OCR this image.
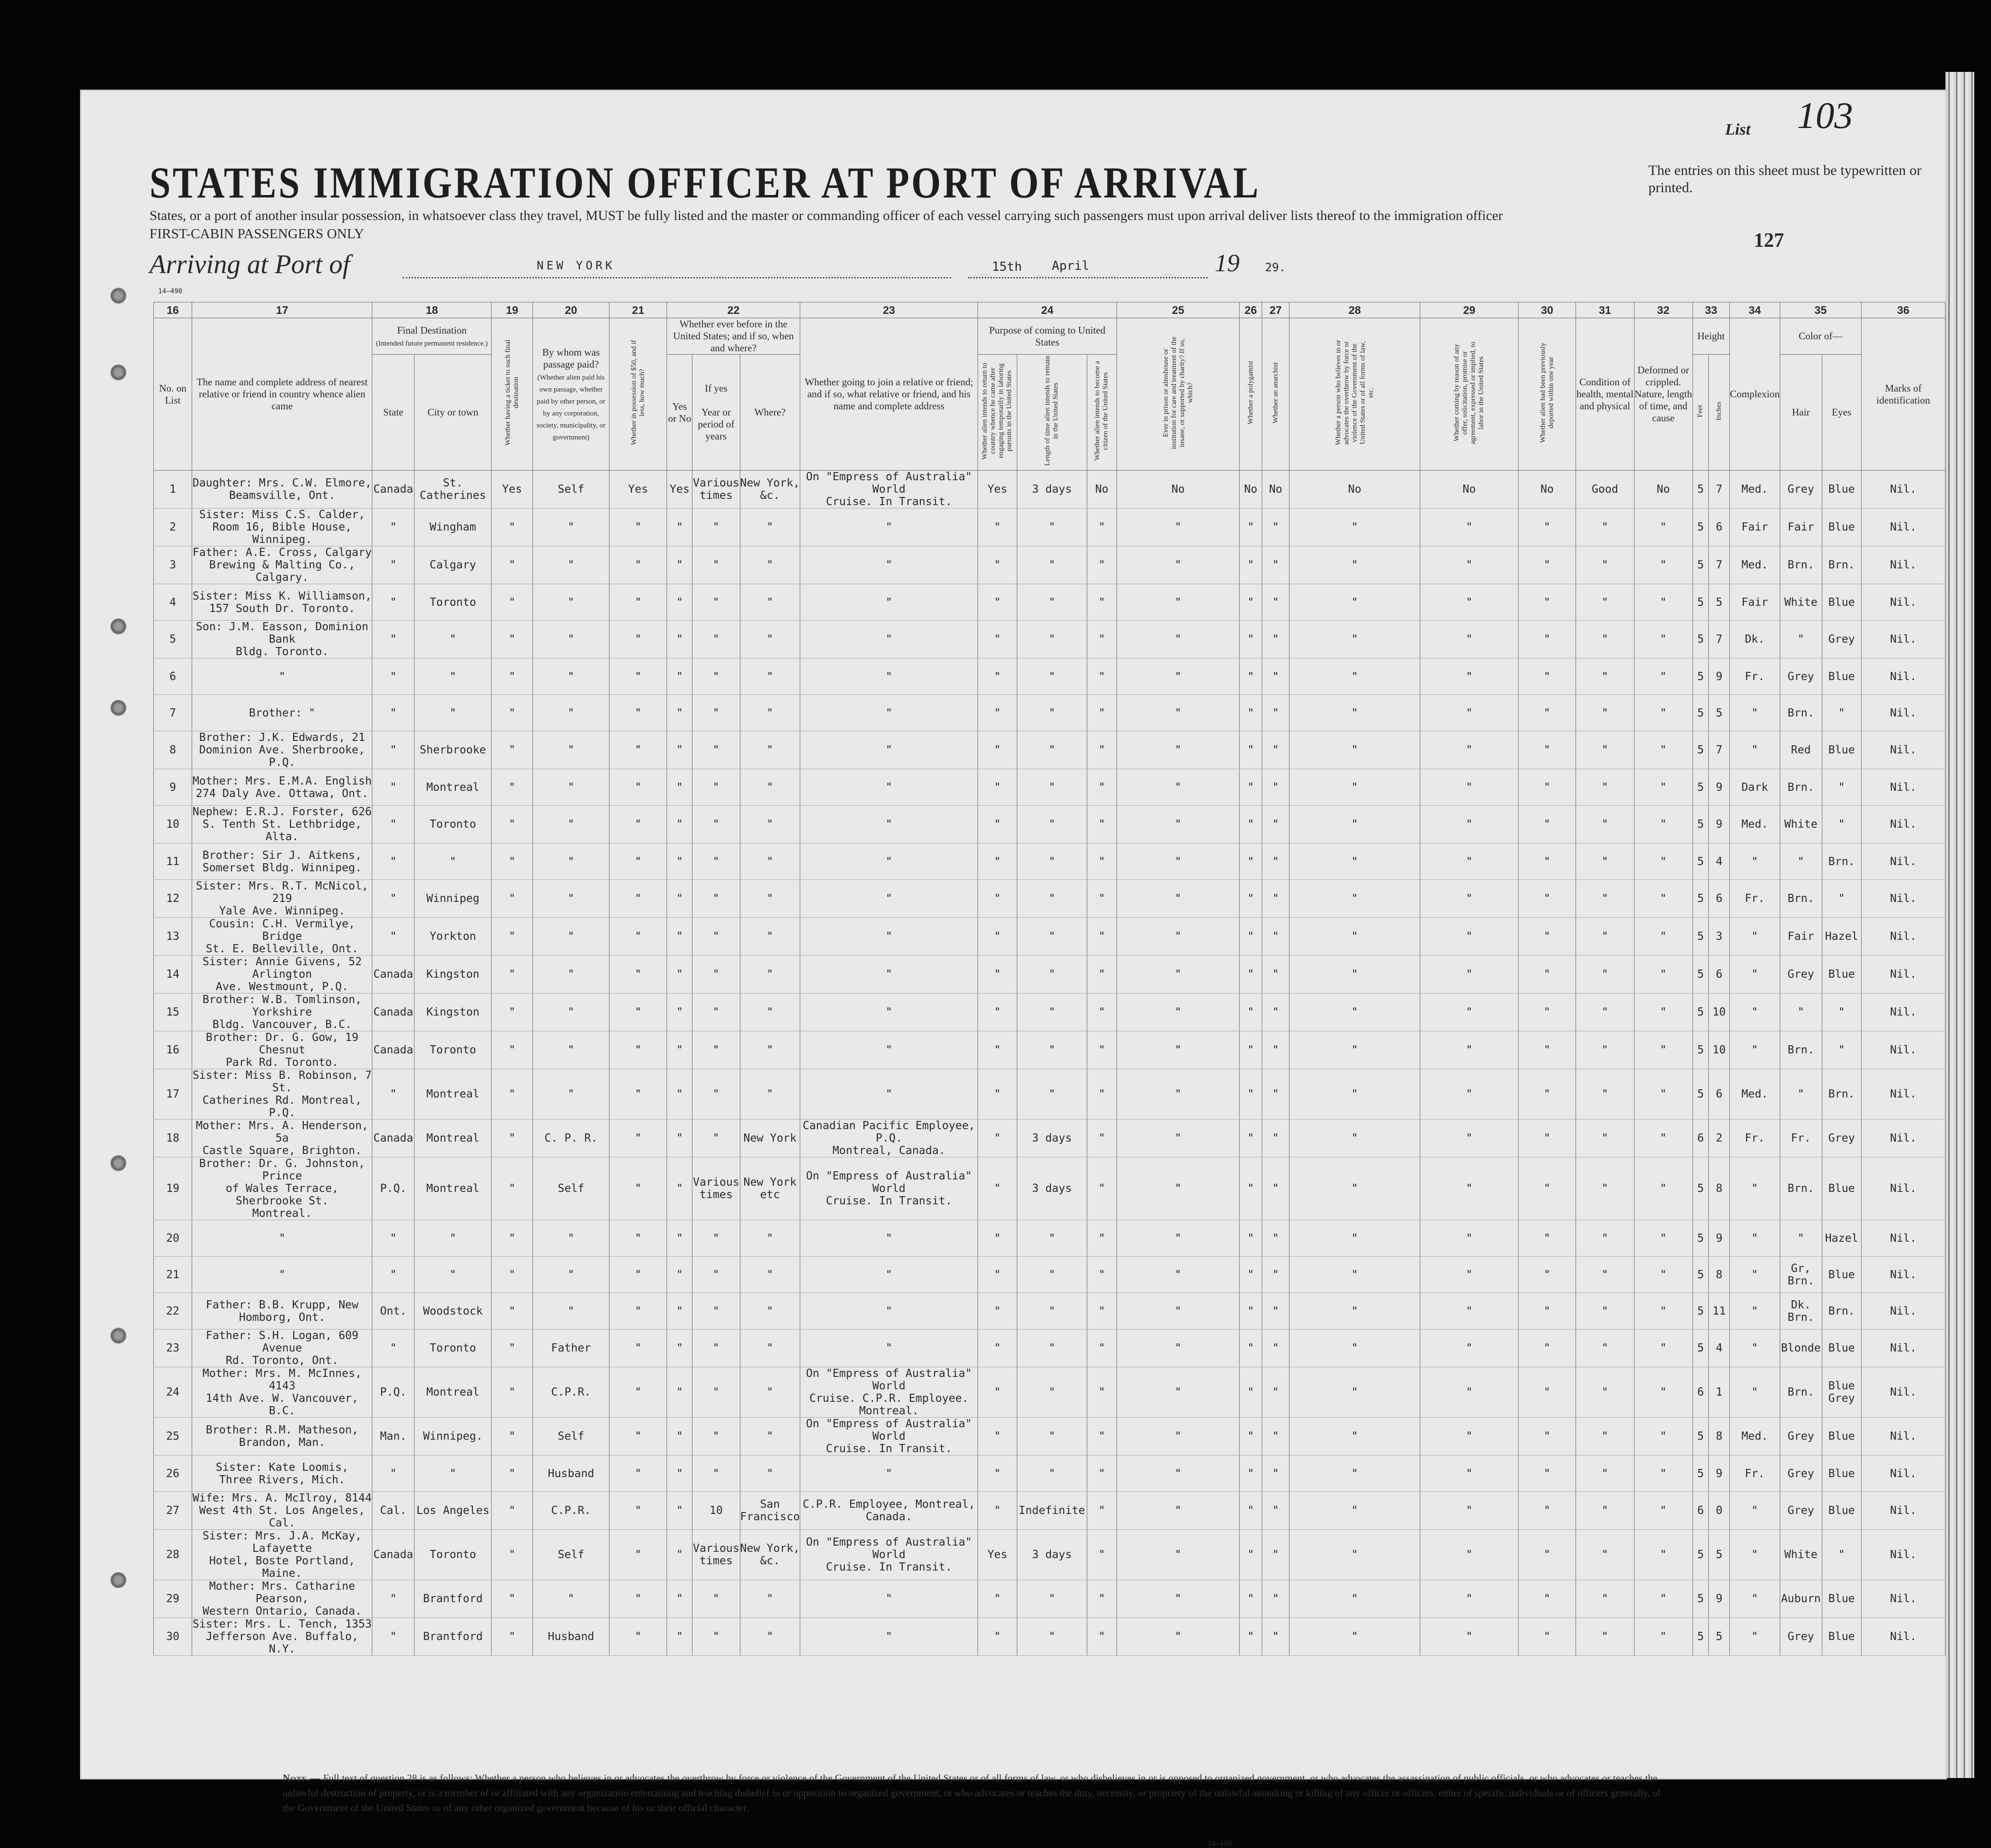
List 103
STATES IMMIGRATION OFFICER AT PORT OF ARRIVAL	The entries on this sheet must be typewritten or printed.
127
States, or a port of another insular possession, in whatsoever class they travel, MUST be fully listed and the master or commanding officer of each vessel carrying such passengers must upon arrival deliver lists thereof to the immigration officer
FIRST-CABIN PASSENGERS ONLY
Arriving at Port of	NEW YORK	15th April	19 29.
14—490
16	17	18		19	20	21	22			23	24			25	26	27	28	29	30	31	32	33		34	35		36
No. on List	The name and complete address of nearest relative or friend in country whence alien came	Final Destination
(Intended future permanent residence.)		Whether having a ticket to such final destination	By whom was passage paid?
(Whether alien paid his own passage, whether paid by other person, or by any corporation, society, municipality, or government)	Whether in possession of $50, and if less, how much?	Whether ever before in the United States; and if so, when and where?			Whether going to join a relative or friend; and if so, what relative or friend, and his name and complete address	Purpose of coming to United States			Ever in prison or almshouse or institution for care and treatment of the insane, or supported by charity? If so, which?	Whether a polygamist	Whether an anarchist	Whether a person who believes in or advocates the overthrow by force or violence of the Government of the United States or of all forms of law, etc.	Whether coming by reason of any offer, solicitation, promise or agreement, expressed or implied, to labor in the United States	Whether alien had been previously deported within one year	Condition of health, mental and physical	Deformed or crippled. Nature, length of time, and cause	Height		Complexion	Color of—		Marks of identification
		State	City or town				Yes or No	If yes

Year or period of years	Where?		Whether alien intends to return to country whence he came after engaging temporarily in laboring pursuits in the United States	Length of time alien intends to remain in the United States	Whether alien intends to become a citizen of the United States									Feet	Inches		Hair	Eyes	
1	Daughter: Mrs. C.W. Elmore,
Beamsville, Ont.	Canada	St. Catherines	Yes	Self	Yes	Yes	Various times	New York, &c.	On "Empress of Australia" World
Cruise. In Transit.	Yes	3 days	No	No	No	No	No	No	No	Good	No	5	7	Med.	Grey	Blue	Nil.
2	Sister: Miss C.S. Calder,
Room 16, Bible House, Winnipeg.	"	Wingham	"	"	"	"	"	"	"	"	"	"	"	"	"	"	"	"	"	"	5	6	Fair	Fair	Blue	Nil.
3	Father: A.E. Cross, Calgary
Brewing & Malting Co., Calgary.	"	Calgary	"	"	"	"	"	"	"	"	"	"	"	"	"	"	"	"	"	"	5	7	Med.	Brn.	Brn.	Nil.
4	Sister: Miss K. Williamson,
157 South Dr. Toronto.	"	Toronto	"	"	"	"	"	"	"	"	"	"	"	"	"	"	"	"	"	"	5	5	Fair	White	Blue	Nil.
5	Son: J.M. Easson, Dominion Bank
Bldg. Toronto.	"	"	"	"	"	"	"	"	"	"	"	"	"	"	"	"	"	"	"	"	5	7	Dk.	"	Grey	Nil.
6	"	"	"	"	"	"	"	"	"	"	"	"	"	"	"	"	"	"	"	"	"	5	9	Fr.	Grey	Blue	Nil.
7	Brother: "	"	"	"	"	"	"	"	"	"	"	"	"	"	"	"	"	"	"	"	"	5	5	"	Brn.	"	Nil.
8	Brother: J.K. Edwards, 21
Dominion Ave. Sherbrooke, P.Q.	"	Sherbrooke	"	"	"	"	"	"	"	"	"	"	"	"	"	"	"	"	"	"	5	7	"	Red	Blue	Nil.
9	Mother: Mrs. E.M.A. English
274 Daly Ave. Ottawa, Ont.	"	Montreal	"	"	"	"	"	"	"	"	"	"	"	"	"	"	"	"	"	"	5	9	Dark	Brn.	"	Nil.
10	Nephew: E.R.J. Forster, 626
S. Tenth St. Lethbridge, Alta.	"	Toronto	"	"	"	"	"	"	"	"	"	"	"	"	"	"	"	"	"	"	5	9	Med.	White	"	Nil.
11	Brother: Sir J. Aitkens,
Somerset Bldg. Winnipeg.	"	"	"	"	"	"	"	"	"	"	"	"	"	"	"	"	"	"	"	"	5	4	"	"	Brn.	Nil.
12	Sister: Mrs. R.T. McNicol, 219
Yale Ave. Winnipeg.	"	Winnipeg	"	"	"	"	"	"	"	"	"	"	"	"	"	"	"	"	"	"	5	6	Fr.	Brn.	"	Nil.
13	Cousin: C.H. Vermilye, Bridge
St. E. Belleville, Ont.	"	Yorkton	"	"	"	"	"	"	"	"	"	"	"	"	"	"	"	"	"	"	5	3	"	Fair	Hazel	Nil.
14	Sister: Annie Givens, 52 Arlington
Ave. Westmount, P.Q.	Canada	Kingston	"	"	"	"	"	"	"	"	"	"	"	"	"	"	"	"	"	"	5	6	"	Grey	Blue	Nil.
15	Brother: W.B. Tomlinson, Yorkshire
Bldg. Vancouver, B.C.	Canada	Kingston	"	"	"	"	"	"	"	"	"	"	"	"	"	"	"	"	"	"	5	10	"	"	"	Nil.
16	Brother: Dr. G. Gow, 19 Chesnut
Park Rd. Toronto.	Canada	Toronto	"	"	"	"	"	"	"	"	"	"	"	"	"	"	"	"	"	"	5	10	"	Brn.	"	Nil.
17	Sister: Miss B. Robinson, 7 St.
Catherines Rd. Montreal, P.Q.	"	Montreal	"	"	"	"	"	"	"	"	"	"	"	"	"	"	"	"	"	"	5	6	Med.	"	Brn.	Nil.
18	Mother: Mrs. A. Henderson, 5a
Castle Square, Brighton.	Canada	Montreal	"	C. P. R.	"	"	"	New York	Canadian Pacific Employee, P.Q.
Montreal, Canada.	"	3 days	"	"	"	"	"	"	"	"	"	6	2	Fr.	Fr.	Grey	Nil.
19	Brother: Dr. G. Johnston, Prince
of Wales Terrace, Sherbrooke St.
Montreal.	P.Q.	Montreal	"	Self	"	"	Various times	New York etc	On "Empress of Australia" World
Cruise. In Transit.	"	3 days	"	"	"	"	"	"	"	"	"	5	8	"	Brn.	Blue	Nil.
20	"	"	"	"	"	"	"	"	"	"	"	"	"	"	"	"	"	"	"	"	"	5	9	"	"	Hazel	Nil.
21	"	"	"	"	"	"	"	"	"	"	"	"	"	"	"	"	"	"	"	"	"	5	8	"	Gr, Brn.	Blue	Nil.
22	Father: B.B. Krupp, New
Homborg, Ont.	Ont.	Woodstock	"	"	"	"	"	"	"	"	"	"	"	"	"	"	"	"	"	"	5	11	"	Dk. Brn.	Brn.	Nil.
23	Father: S.H. Logan, 609 Avenue
Rd. Toronto, Ont.	"	Toronto	"	Father	"	"	"	"	"	"	"	"	"	"	"	"	"	"	"	"	5	4	"	Blonde	Blue	Nil.
24	Mother: Mrs. M. McInnes, 4143
14th Ave. W. Vancouver, B.C.	P.Q.	Montreal	"	C.P.R.	"	"	"	"	On "Empress of Australia" World
Cruise. C.P.R. Employee. Montreal.	"	"	"	"	"	"	"	"	"	"	"	6	1	"	Brn.	Blue Grey	Nil.
25	Brother: R.M. Matheson,
Brandon, Man.	Man.	Winnipeg.	"	Self	"	"	"	"	On "Empress of Australia" World
Cruise. In Transit.	"	"	"	"	"	"	"	"	"	"	"	5	8	Med.	Grey	Blue	Nil.
26	Sister: Kate Loomis,
Three Rivers, Mich.	"	"	"	Husband	"	"	"	"	"	"	"	"	"	"	"	"	"	"	"	"	5	9	Fr.	Grey	Blue	Nil.
27	Wife: Mrs. A. McIlroy, 8144
West 4th St. Los Angeles, Cal.	Cal.	Los Angeles	"	C.P.R.	"	"	10	San Francisco	C.P.R. Employee, Montreal, Canada.	"	Indefinite	"	"	"	"	"	"	"	"	"	6	0	"	Grey	Blue	Nil.
28	Sister: Mrs. J.A. McKay, Lafayette
Hotel, Boste Portland, Maine.	Canada	Toronto	"	Self	"	"	Various times	New York, &c.	On "Empress of Australia" World
Cruise. In Transit.	Yes	3 days	"	"	"	"	"	"	"	"	"	5	5	"	White	"	Nil.
29	Mother: Mrs. Catharine Pearson,
Western Ontario, Canada.	"	Brantford	"	"	"	"	"	"	"	"	"	"	"	"	"	"	"	"	"	"	5	9	"	Auburn	Blue	Nil.
30	Sister: Mrs. L. Tench, 1353
Jefferson Ave. Buffalo, N.Y.	"	Brantford	"	Husband	"	"	"	"	"	"	"	"	"	"	"	"	"	"	"	"	5	5	"	Grey	Blue	Nil.
Note.— Full text of question 28 is as follows: Whether a person who believes in or advocates the overthrow by force or violence of the Government of the United States or of all forms of law, or who disbelieves in or is opposed to organized government, or who advocates the assassination of public officials, or who advocates or teaches the unlawful destruction of property, or is a member of or affiliated with any organization entertaining and teaching disbelief in or opposition to organized government, or who advocates or teaches the duty, necessity, or propriety of the unlawful assaulting or killing of any officer or officers, either of specific individuals or of officers generally, of the Government of the United States or of any other organized government because of his or their official character.
14—490
